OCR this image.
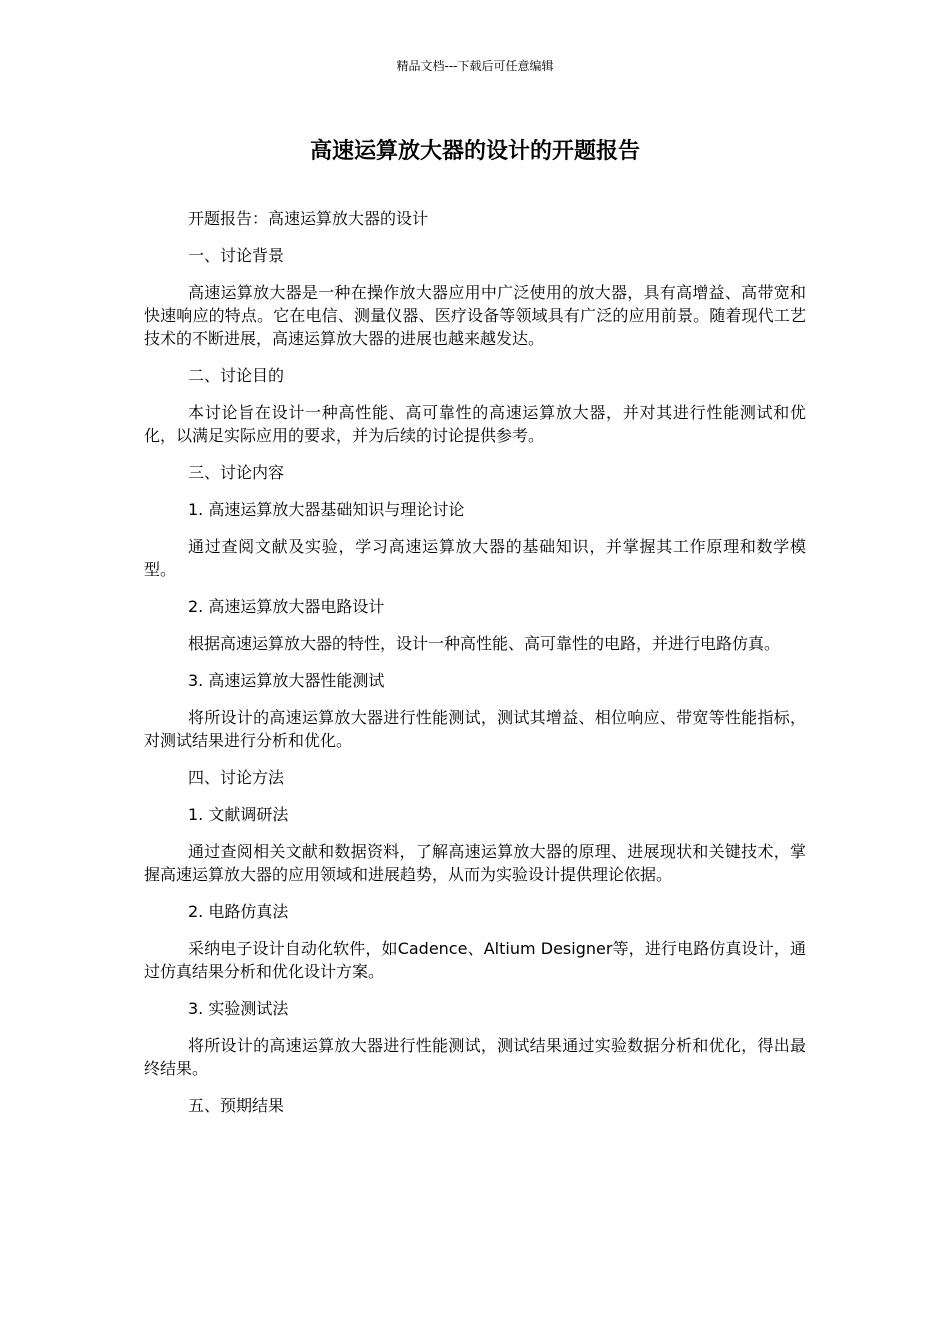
精品文档---下载后可任意编辑
高速运算放大器的设计的开题报告

开题报告：高速运算放大器的设计

一、讨论背景

高速运算放大器是一种在操作放大器应用中广泛使用的放大器，具有高增益、高带宽和快速响应的特点。它在电信、测量仪器、医疗设备等领域具有广泛的应用前景。随着现代工艺技术的不断进展，高速运算放大器的进展也越来越发达。

二、讨论目的

本讨论旨在设计一种高性能、高可靠性的高速运算放大器，并对其进行性能测试和优化，以满足实际应用的要求，并为后续的讨论提供参考。

三、讨论内容

1. 高速运算放大器基础知识与理论讨论

通过查阅文献及实验，学习高速运算放大器的基础知识，并掌握其工作原理和数学模型。

2. 高速运算放大器电路设计

根据高速运算放大器的特性，设计一种高性能、高可靠性的电路，并进行电路仿真。

3. 高速运算放大器性能测试

将所设计的高速运算放大器进行性能测试，测试其增益、相位响应、带宽等性能指标，对测试结果进行分析和优化。

四、讨论方法

1. 文献调研法

通过查阅相关文献和数据资料，了解高速运算放大器的原理、进展现状和关键技术，掌握高速运算放大器的应用领域和进展趋势，从而为实验设计提供理论依据。

2. 电路仿真法

采纳电子设计自动化软件，如Cadence、Altium Designer等，进行电路仿真设计，通过仿真结果分析和优化设计方案。

3. 实验测试法

将所设计的高速运算放大器进行性能测试，测试结果通过实验数据分析和优化，得出最终结果。

五、预期结果
